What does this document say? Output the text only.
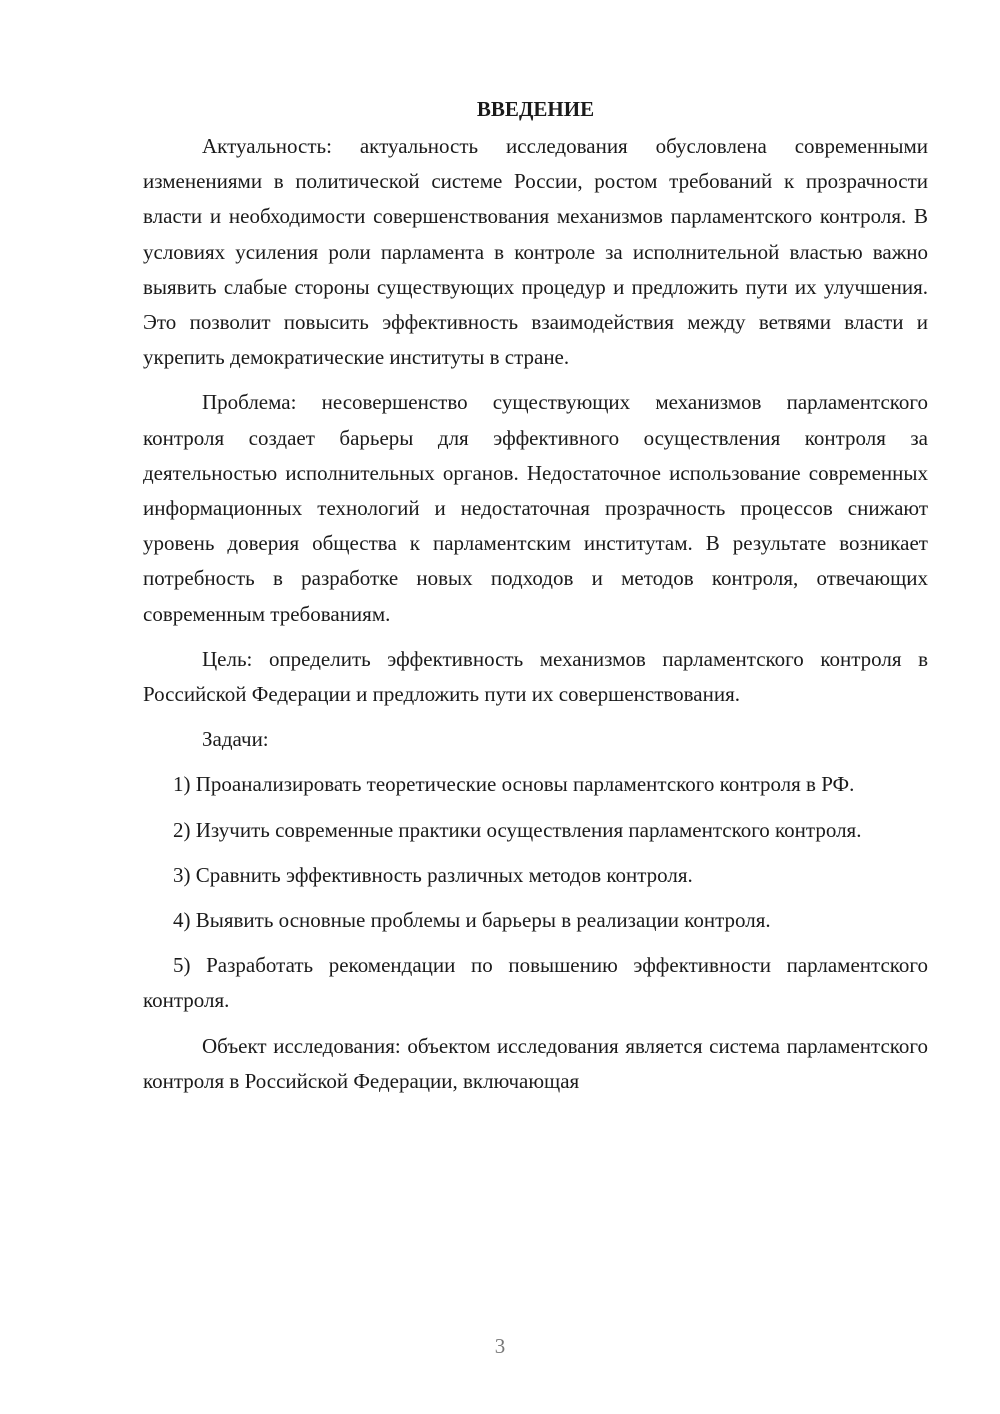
ВВЕДЕНИЕ

Актуальность: актуальность исследования обусловлена современными изменениями в политической системе России, ростом требований к прозрачности власти и необходимости совершенствования механизмов парламентского контроля. В условиях усиления роли парламента в контроле за исполнительной властью важно выявить слабые стороны существующих процедур и предложить пути их улучшения. Это позволит повысить эффективность взаимодействия между ветвями власти и укрепить демократические институты в стране.

Проблема: несовершенство существующих механизмов парламентского контроля создает барьеры для эффективного осуществления контроля за деятельностью исполнительных органов. Недостаточное использование современных информационных технологий и недостаточная прозрачность процессов снижают уровень доверия общества к парламентским институтам. В результате возникает потребность в разработке новых подходов и методов контроля, отвечающих современным требованиям.

Цель: определить эффективность механизмов парламентского контроля в Российской Федерации и предложить пути их совершенствования.

Задачи:

1) Проанализировать теоретические основы парламентского контроля в РФ.

2) Изучить современные практики осуществления парламентского контроля.

3) Сравнить эффективность различных методов контроля.

4) Выявить основные проблемы и барьеры в реализации контроля.

5) Разработать рекомендации по повышению эффективности парламентского контроля.

Объект исследования: объектом исследования является система парламентского контроля в Российской Федерации, включающая

3
